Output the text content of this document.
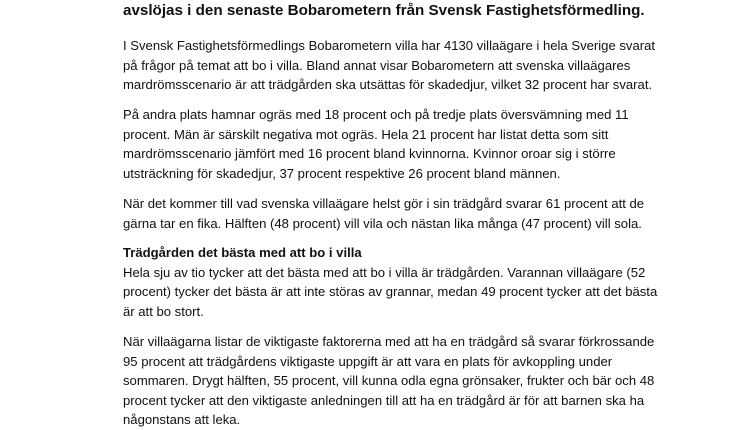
avslöjas i den senaste Bobarometern från Svensk Fastighetsförmedling.

I Svensk Fastighetsförmedlings Bobarometern villa har 4130 villaägare i hela Sverige svarat
på frågor på temat att bo i villa. Bland annat visar Bobarometern att svenska villaägares
mardrömsscenario är att trädgården ska utsättas för skadedjur, vilket 32 procent har svarat.

På andra plats hamnar ogräs med 18 procent och på tredje plats översvämning med 11
procent. Män är särskilt negativa mot ogräs. Hela 21 procent har listat detta som sitt
mardrömsscenario jämfört med 16 procent bland kvinnorna. Kvinnor oroar sig i större
utsträckning för skadedjur, 37 procent respektive 26 procent bland männen.

När det kommer till vad svenska villaägare helst gör i sin trädgård svarar 61 procent att de
gärna tar en fika. Hälften (48 procent) vill vila och nästan lika många (47 procent) vill sola.

Trädgården det bästa med att bo i villa
Hela sju av tio tycker att det bästa med att bo i villa är trädgården. Varannan villaägare (52
procent) tycker det bästa är att inte störas av grannar, medan 49 procent tycker att det bästa
är att bo stort.

När villaägarna listar de viktigaste faktorerna med att ha en trädgård så svarar förkrossande
95 procent att trädgårdens viktigaste uppgift är att vara en plats för avkoppling under
sommaren. Drygt hälften, 55 procent, vill kunna odla egna grönsaker, frukter och bär och 48
procent tycker att den viktigaste anledningen till att ha en trädgård är för att barnen ska ha
någonstans att leka.
